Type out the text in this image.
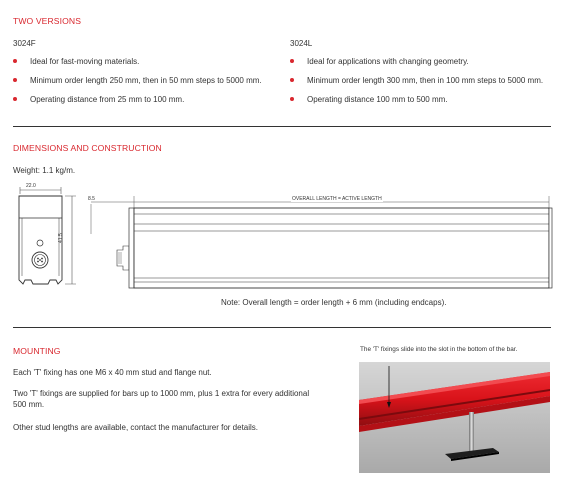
TWO VERSIONS
3024F
Ideal for fast-moving materials.
Minimum order length 250 mm, then in 50 mm steps to 5000 mm.
Operating distance from 25 mm to 100 mm.
3024L
Ideal for applications with changing geometry.
Minimum order length 300 mm, then in 100 mm steps to 5000 mm.
Operating distance 100 mm to 500 mm.
DIMENSIONS AND CONSTRUCTION
Weight: 1.1 kg/m.
22.0
41.5
8.5	OVERALL LENGTH = ACTIVE LENGTH
Note: Overall length = order length + 6 mm (including endcaps).
MOUNTING
Each 'T' fixing has one M6 x 40 mm stud and flange nut.
Two 'T' fixings are supplied for bars up to 1000 mm, plus 1 extra for every additional 500 mm.
Other stud lengths are available, contact the manufacturer for details.
The 'T' fixings slide into the slot in the bottom of the bar.
